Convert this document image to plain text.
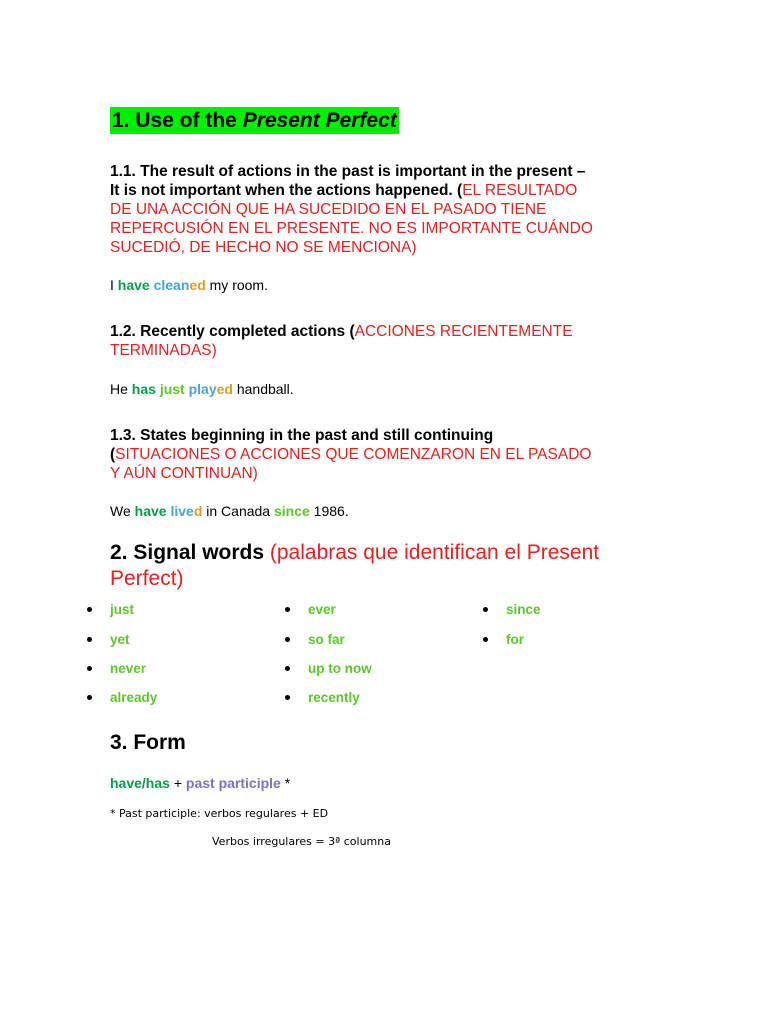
1. Use of the Present Perfect
1.1. The result of actions in the past is important in the present –
It is not important when the actions happened. (EL RESULTADO
DE UNA ACCIÓN QUE HA SUCEDIDO EN EL PASADO TIENE
REPERCUSIÓN EN EL PRESENTE. NO ES IMPORTANTE CUÁNDO
SUCEDIÓ, DE HECHO NO SE MENCIONA)
I have cleaned my room.
1.2. Recently completed actions (ACCIONES RECIENTEMENTE
TERMINADAS)
He has just played handball.
1.3. States beginning in the past and still continuing
(SITUACIONES O ACCIONES QUE COMENZARON EN EL PASADO
Y AÚN CONTINUAN)
We have lived in Canada since 1986.
2. Signal words (palabras que identifican el Present
Perfect)
just
yet
never
already
ever
so far
up to now
recently
since
for
3. Form
have/has + past participle *
* Past participle: verbos regulares + ED
Verbos irregulares = 3ª columna
